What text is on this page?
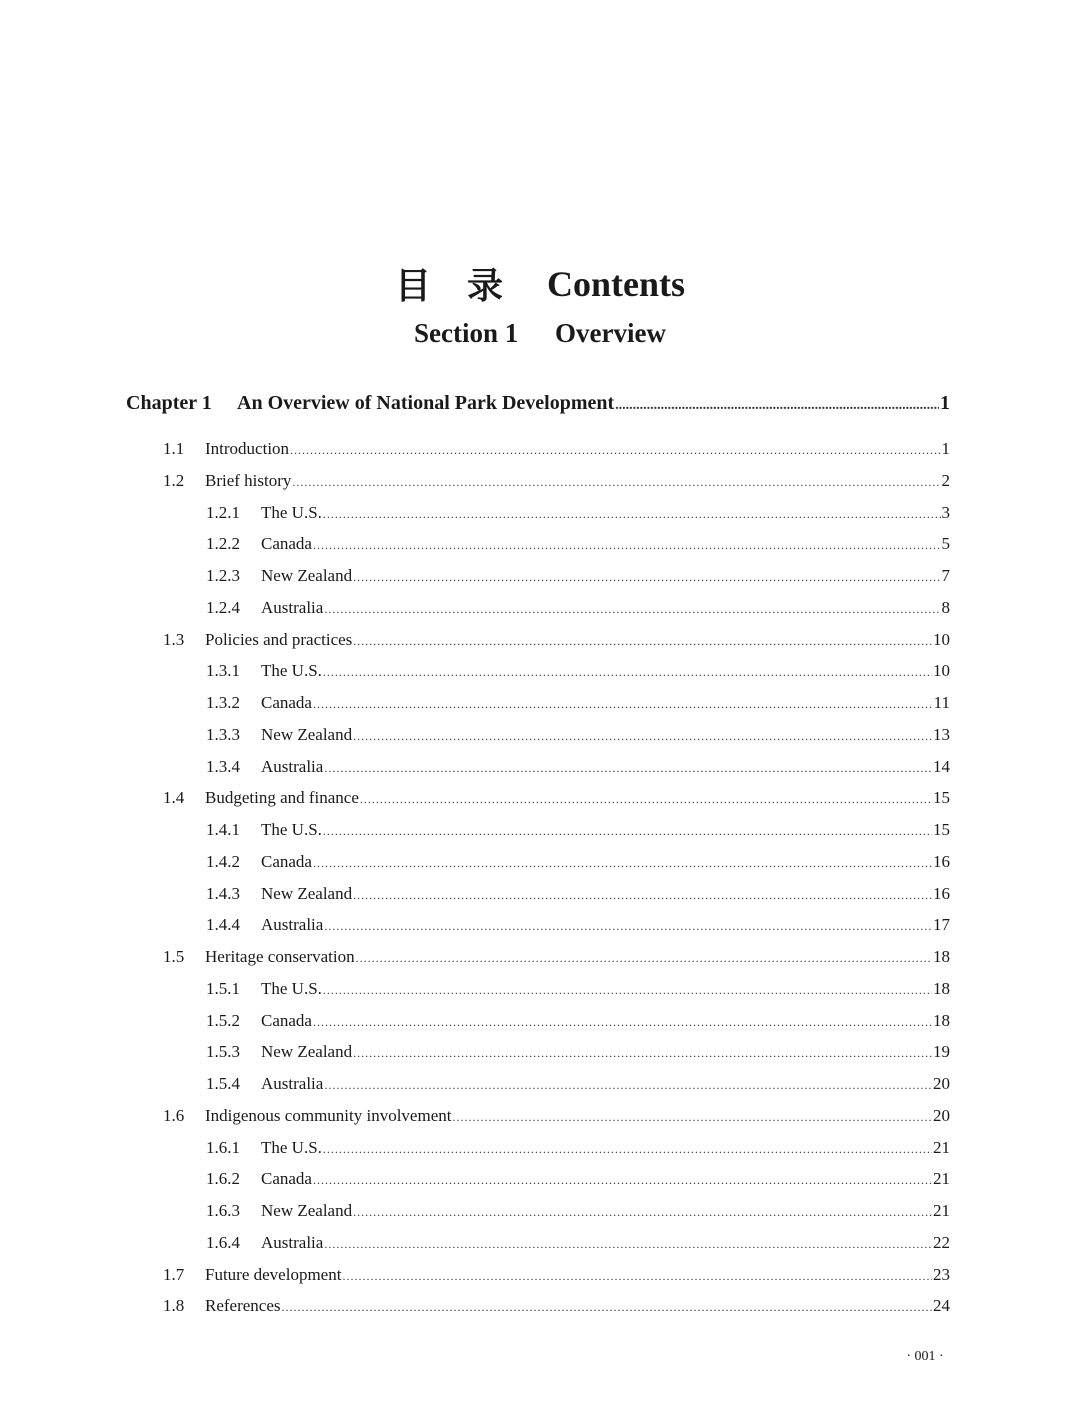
目录 Contents
Section 1 Overview
Chapter 1	An Overview of National Park Development .....	1
1.1	Introduction .....	1
1.2	Brief history .....	2
1.2.1	The U.S. .....	3
1.2.2	Canada .....	5
1.2.3	New Zealand .....	7
1.2.4	Australia .....	8
1.3	Policies and practices .....	10
1.3.1	The U.S. .....	10
1.3.2	Canada .....	11
1.3.3	New Zealand .....	13
1.3.4	Australia .....	14
1.4	Budgeting and finance .....	15
1.4.1	The U.S. .....	15
1.4.2	Canada .....	16
1.4.3	New Zealand .....	16
1.4.4	Australia .....	17
1.5	Heritage conservation .....	18
1.5.1	The U.S. .....	18
1.5.2	Canada .....	18
1.5.3	New Zealand .....	19
1.5.4	Australia .....	20
1.6	Indigenous community involvement .....	20
1.6.1	The U.S. .....	21
1.6.2	Canada .....	21
1.6.3	New Zealand .....	21
1.6.4	Australia .....	22
1.7	Future development .....	23
1.8	References .....	24
· 001 ·
